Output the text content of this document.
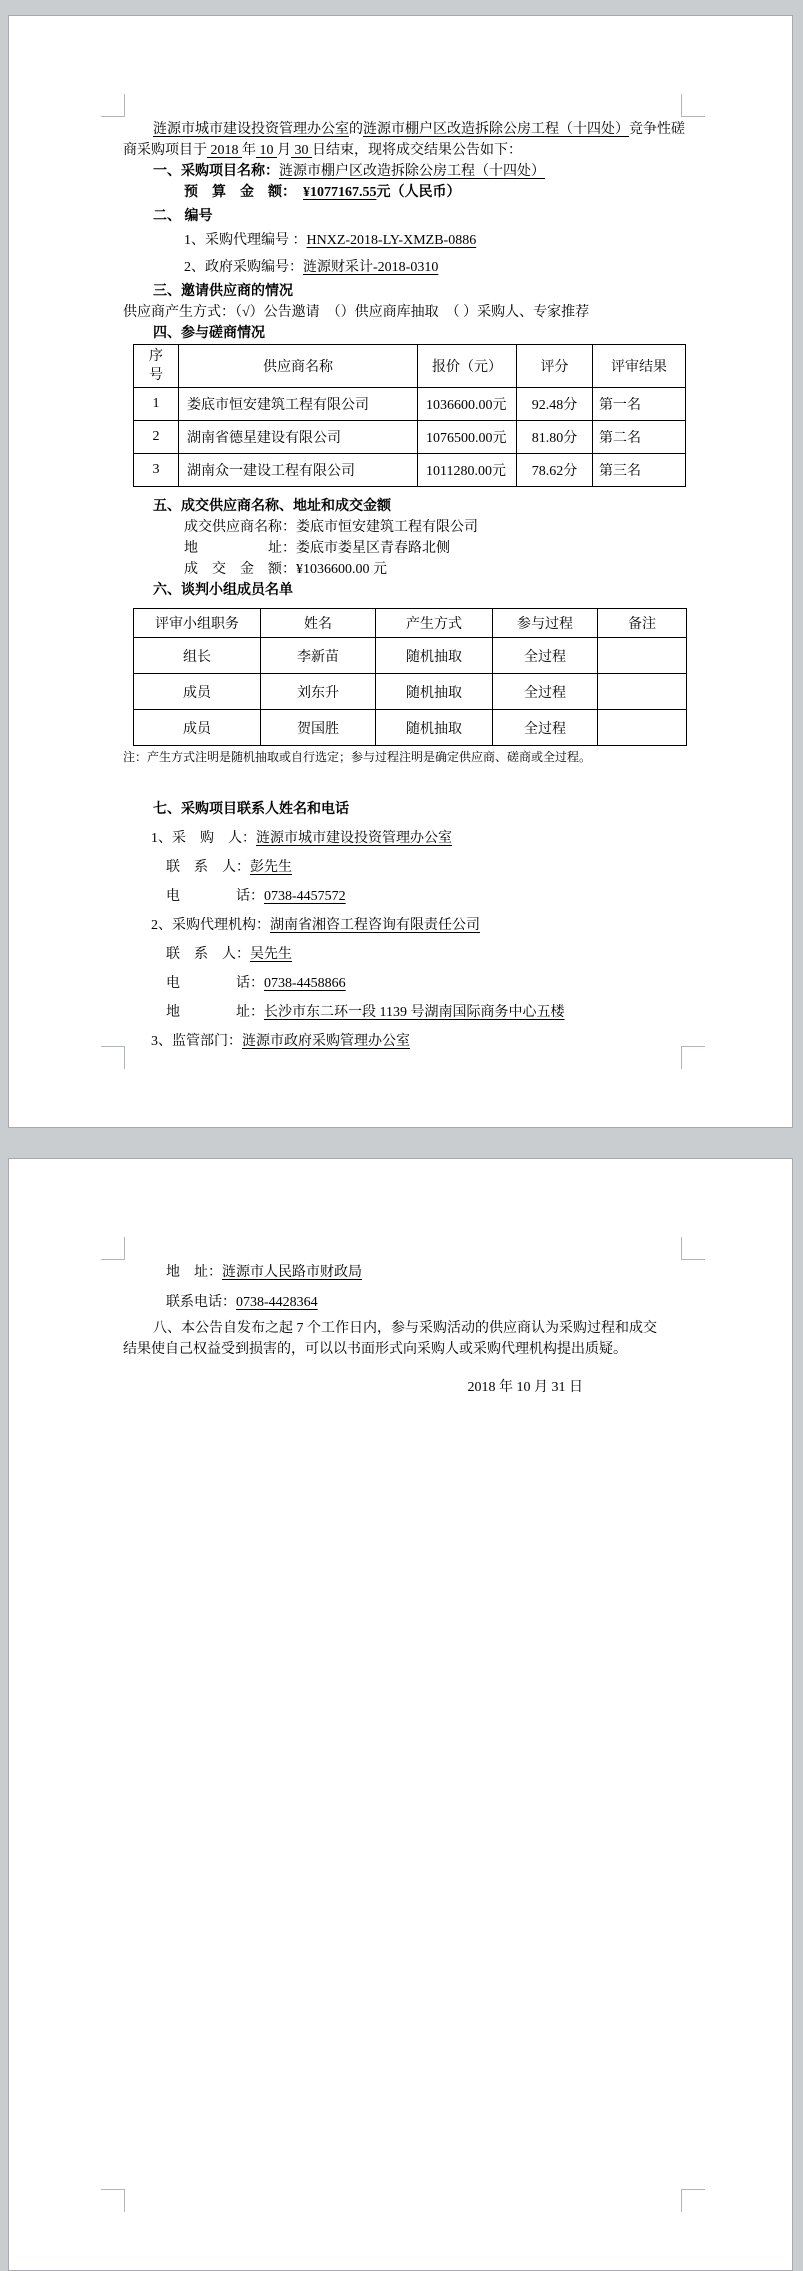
涟源市城市建设投资管理办公室的涟源市棚户区改造拆除公房工程（十四处）竞争性磋
商采购项目于 2018 年 10 月 30 日结束，现将成交结果公告如下：
一、采购项目名称：涟源市棚户区改造拆除公房工程（十四处）
预　算　金　额：　¥1077167.55元（人民币）
二、 编号
1、采购代理编号 ：HNXZ-2018-LY-XMZB-0886
2、政府采购编号：涟源财采计-2018-0310
三、邀请供应商的情况
供应商产生方式：（√）公告邀请　（）供应商库抽取　（ ）采购人、专家推荐
四、参与磋商情况
序号	供应商名称	报价（元）	评分	评审结果
1	娄底市恒安建筑工程有限公司	1036600.00元	92.48分	第一名
2	湖南省德星建设有限公司	1076500.00元	81.80分	第二名
3	湖南众一建设工程有限公司	1011280.00元	78.62分	第三名
五、成交供应商名称、地址和成交金额
成交供应商名称：娄底市恒安建筑工程有限公司
地　　　　　址：娄底市娄星区青春路北侧
成　交　金　额：¥1036600.00 元
六、谈判小组成员名单
评审小组职务	姓名	产生方式	参与过程	备注
组长	李新苗	随机抽取	全过程	
成员	刘东升	随机抽取	全过程	
成员	贺国胜	随机抽取	全过程	
注：产生方式注明是随机抽取或自行选定；参与过程注明是确定供应商、磋商或全过程。
七、采购项目联系人姓名和电话
1、采　购　人：涟源市城市建设投资管理办公室
联　系　人：彭先生
电　　　　话：0738-4457572
2、采购代理机构：湖南省湘咨工程咨询有限责任公司
联　系　人：吴先生
电　　　　话：0738-4458866
地　　　　址：长沙市东二环一段 1139 号湖南国际商务中心五楼
3、监管部门：涟源市政府采购管理办公室
地　址：涟源市人民路市财政局
联系电话：0738-4428364
八、本公告自发布之起 7 个工作日内，参与采购活动的供应商认为采购过程和成交
结果使自己权益受到损害的，可以以书面形式向采购人或采购代理机构提出质疑。
2018 年 10 月 31 日
